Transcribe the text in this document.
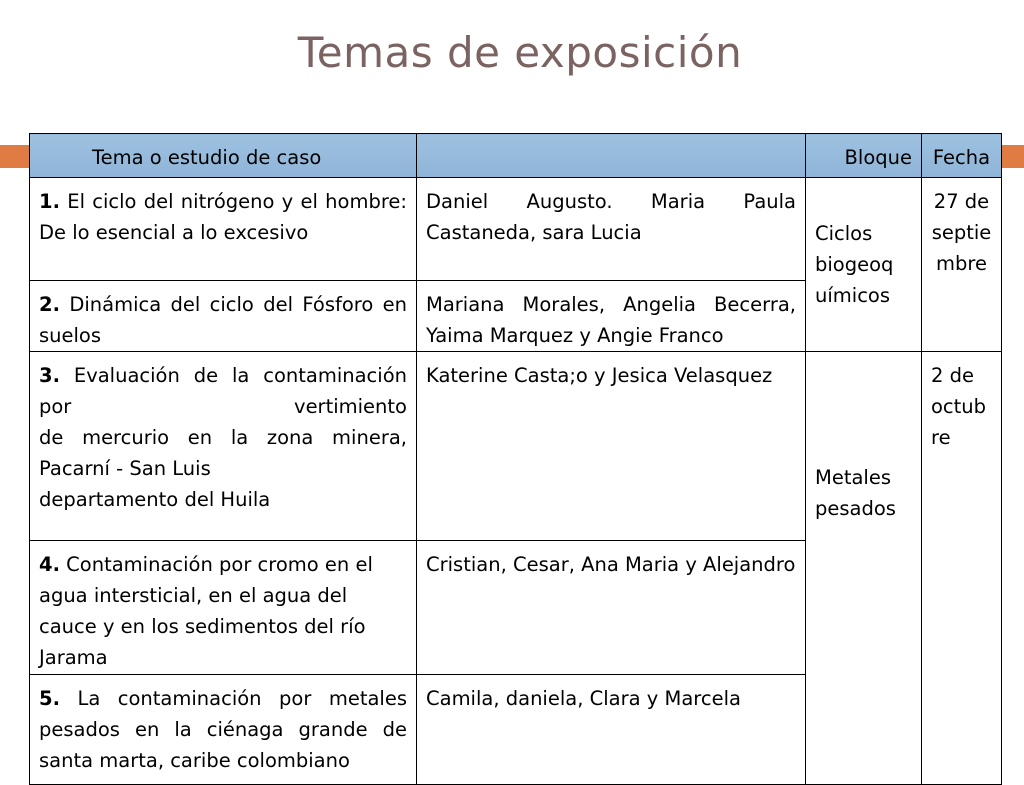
Temas de exposición
Tema o estudio de caso		Bloque	Fecha
1. El ciclo del nitrógeno y el hombre: De lo esencial a lo excesivo	Daniel Augusto. Maria Paula Castaneda, sara Lucia	Ciclos biogeoq uímicos	27 de septie mbre
2. Dinámica del ciclo del Fósforo en suelos	Mariana Morales, Angelia Becerra, Yaima Marquez y Angie Franco		

3. Evaluación de la contaminación por vertimiento
de mercurio en la zona minera, Pacarní - San Luis
departamento del Huila	Katerine Casta;o y Jesica Velasquez	Metales pesados	2 de octub re
4. Contaminación por cromo en el agua intersticial, en el agua del cauce y en los sedimentos del río Jarama	Cristian, Cesar, Ana Maria y Alejandro		
5. La contaminación por metales pesados en la ciénaga grande de santa marta, caribe colombiano	Camila, daniela, Clara y Marcela		
